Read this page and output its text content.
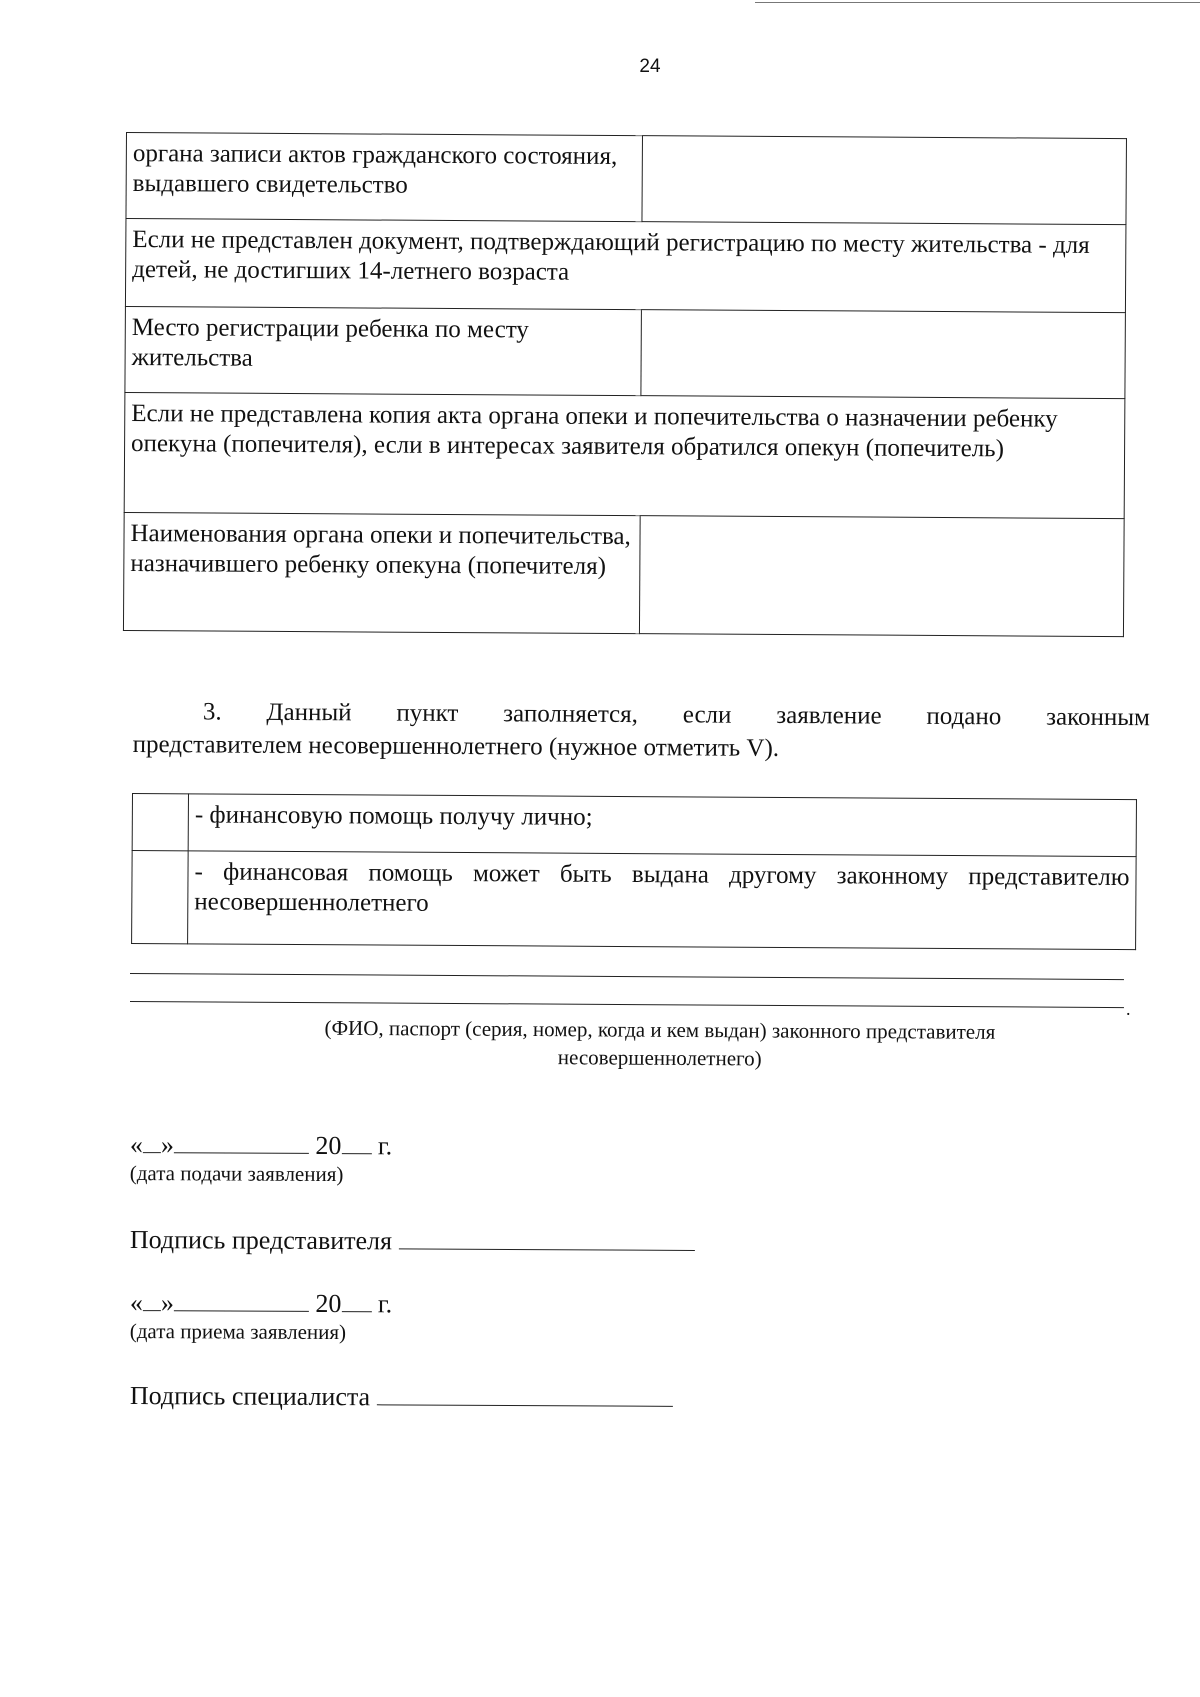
24
органа записи актов гражданского состояния, выдавшего свидетельство	
Если не представлен документ, подтверждающий регистрацию по месту жительства - для детей, не достигших 14-летнего возраста	
Место регистрации ребенка по месту жительства	
Если не представлена копия акта органа опеки и попечительства о назначении ребенку опекуна (попечителя), если в интересах заявителя обратился опекун (попечитель)	
Наименования органа опеки и попечительства, назначившего ребенку опекуна (попечителя)	
3. Данный пункт заполняется, если заявление подано законным
представителем несовершеннолетнего (нужное отметить V).
	- финансовую помощь получу лично;

	- финансовая помощь может быть выдана другому законному представителю несовершеннолетнего
.
(ФИО, паспорт (серия, номер, когда и кем выдан) законного представителя
несовершеннолетнего)
« »	20 г.
(дата подачи заявления)
Подпись представителя
« »	20 г.
(дата приема заявления)
Подпись специалиста
